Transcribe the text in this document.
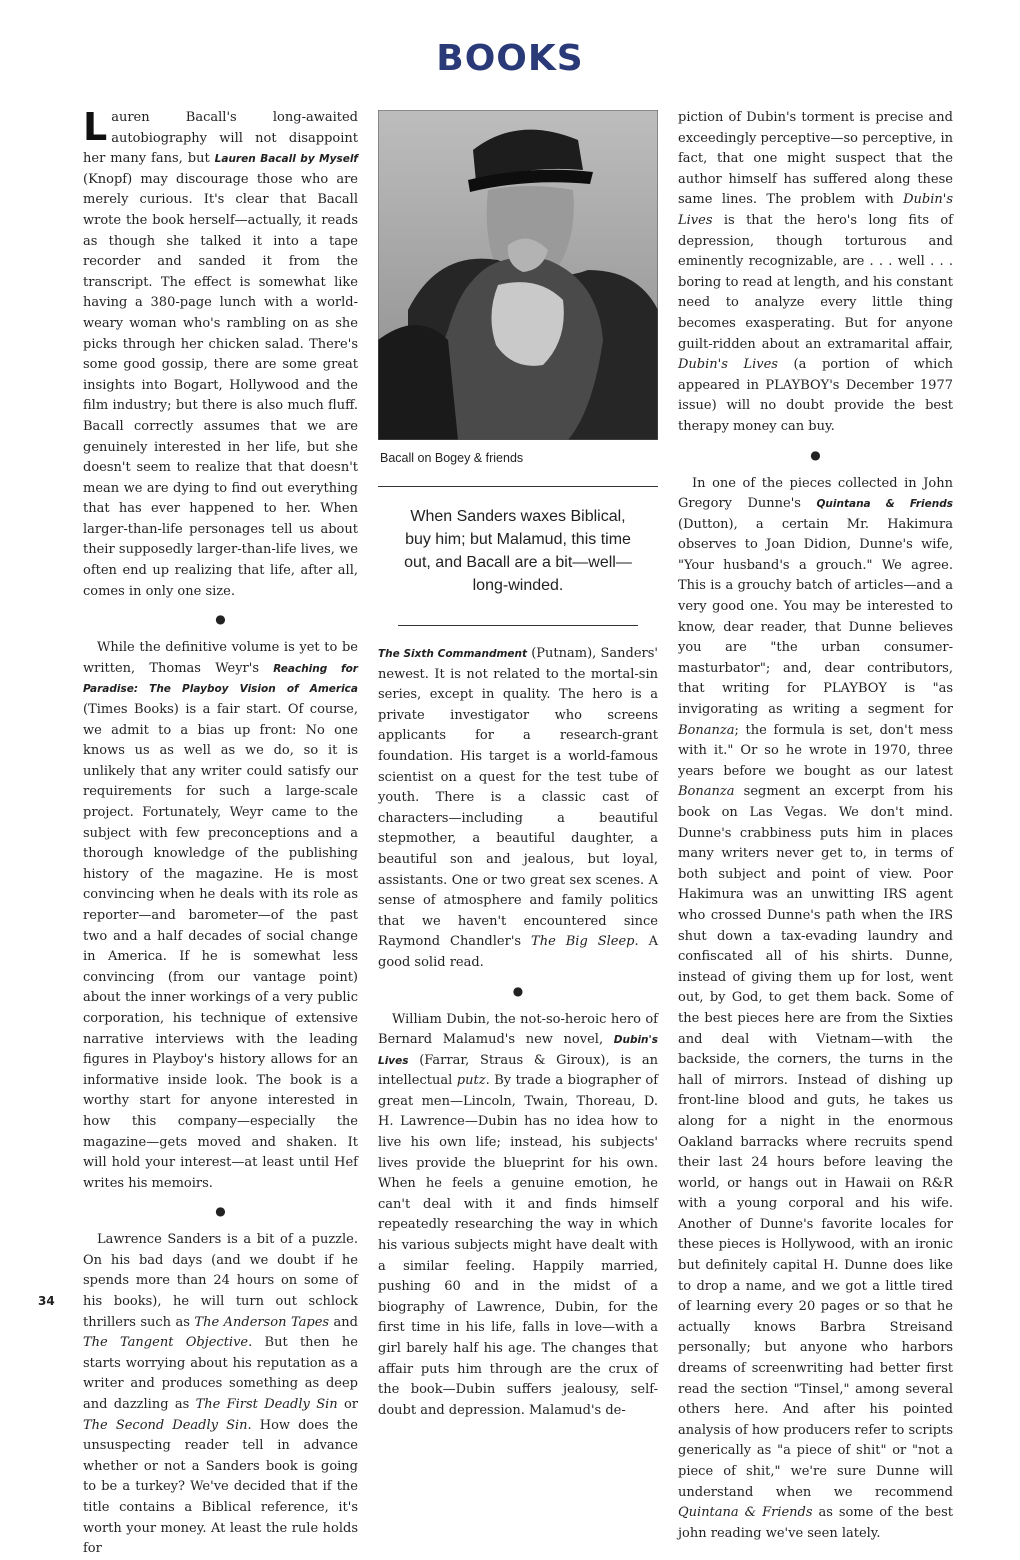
BOOKS

Lauren Bacall's long-awaited autobiography will not disappoint her many fans, but Lauren Bacall by Myself (Knopf) may discourage those who are merely curious. It's clear that Bacall wrote the book herself—actually, it reads as though she talked it into a tape recorder and sanded it from the transcript. The effect is somewhat like having a 380-page lunch with a world-weary woman who's rambling on as she picks through her chicken salad. There's some good gossip, there are some great insights into Bogart, Hollywood and the film industry; but there is also much fluff. Bacall correctly assumes that we are genuinely interested in her life, but she doesn't seem to realize that that doesn't mean we are dying to find out everything that has ever happened to her. When larger-than-life personages tell us about their supposedly larger-than-life lives, we often end up realizing that life, after all, comes in only one size.

●

While the definitive volume is yet to be written, Thomas Weyr's Reaching for Paradise: The Playboy Vision of America (Times Books) is a fair start. Of course, we admit to a bias up front: No one knows us as well as we do, so it is unlikely that any writer could satisfy our requirements for such a large-scale project. Fortunately, Weyr came to the subject with few preconceptions and a thorough knowledge of the publishing history of the magazine. He is most convincing when he deals with its role as reporter—and barometer—of the past two and a half decades of social change in America. If he is somewhat less convincing (from our vantage point) about the inner workings of a very public corporation, his technique of extensive narrative interviews with the leading figures in Playboy's history allows for an informative inside look. The book is a worthy start for anyone interested in how this company—especially the magazine—gets moved and shaken. It will hold your interest—at least until Hef writes his memoirs.

●

Lawrence Sanders is a bit of a puzzle. On his bad days (and we doubt if he spends more than 24 hours on some of his books), he will turn out schlock thrillers such as The Anderson Tapes and The Tangent Objective. But then he starts worrying about his reputation as a writer and produces something as deep and dazzling as The First Deadly Sin or The Second Deadly Sin. How does the unsuspecting reader tell in advance whether or not a Sanders book is going to be a turkey? We've decided that if the title contains a Biblical reference, it's worth your money. At least the rule holds for

Bacall on Bogey & friends
When Sanders waxes Biblical, buy him; but Malamud, this time out, and Bacall are a bit—well—long-winded.

The Sixth Commandment (Putnam), Sanders' newest. It is not related to the mortal-sin series, except in quality. The hero is a private investigator who screens applicants for a research-grant foundation. His target is a world-famous scientist on a quest for the test tube of youth. There is a classic cast of characters—including a beautiful stepmother, a beautiful daughter, a beautiful son and jealous, but loyal, assistants. One or two great sex scenes. A sense of atmosphere and family politics that we haven't encountered since Raymond Chandler's The Big Sleep. A good solid read.

●

William Dubin, the not-so-heroic hero of Bernard Malamud's new novel, Dubin's Lives (Farrar, Straus & Giroux), is an intellectual putz. By trade a biographer of great men—Lincoln, Twain, Thoreau, D. H. Lawrence—Dubin has no idea how to live his own life; instead, his subjects' lives provide the blueprint for his own. When he feels a genuine emotion, he can't deal with it and finds himself repeatedly researching the way in which his various subjects might have dealt with a similar feeling. Happily married, pushing 60 and in the midst of a biography of Lawrence, Dubin, for the first time in his life, falls in love—with a girl barely half his age. The changes that affair puts him through are the crux of the book—Dubin suffers jealousy, self-doubt and depression. Malamud's de-

piction of Dubin's torment is precise and exceedingly perceptive—so perceptive, in fact, that one might suspect that the author himself has suffered along these same lines. The problem with Dubin's Lives is that the hero's long fits of depression, though torturous and eminently recognizable, are . . . well . . . boring to read at length, and his constant need to analyze every little thing becomes exasperating. But for anyone guilt-ridden about an extramarital affair, Dubin's Lives (a portion of which appeared in PLAYBOY's December 1977 issue) will no doubt provide the best therapy money can buy.

●

In one of the pieces collected in John Gregory Dunne's Quintana & Friends (Dutton), a certain Mr. Hakimura observes to Joan Didion, Dunne's wife, "Your husband's a grouch." We agree. This is a grouchy batch of articles—and a very good one. You may be interested to know, dear reader, that Dunne believes you are "the urban consumer-masturbator"; and, dear contributors, that writing for PLAYBOY is "as invigorating as writing a segment for Bonanza; the formula is set, don't mess with it." Or so he wrote in 1970, three years before we bought as our latest Bonanza segment an excerpt from his book on Las Vegas. We don't mind. Dunne's crabbiness puts him in places many writers never get to, in terms of both subject and point of view. Poor Hakimura was an unwitting IRS agent who crossed Dunne's path when the IRS shut down a tax-evading laundry and confiscated all of his shirts. Dunne, instead of giving them up for lost, went out, by God, to get them back. Some of the best pieces here are from the Sixties and deal with Vietnam—with the backside, the corners, the turns in the hall of mirrors. Instead of dishing up front-line blood and guts, he takes us along for a night in the enormous Oakland barracks where recruits spend their last 24 hours before leaving the world, or hangs out in Hawaii on R&R with a young corporal and his wife. Another of Dunne's favorite locales for these pieces is Hollywood, with an ironic but definitely capital H. Dunne does like to drop a name, and we got a little tired of learning every 20 pages or so that he actually knows Barbra Streisand personally; but anyone who harbors dreams of screenwriting had better first read the section "Tinsel," among several others here. And after his pointed analysis of how producers refer to scripts generically as "a piece of shit" or "not a piece of shit," we're sure Dunne will understand when we recommend Quintana & Friends as some of the best john reading we've seen lately.

34
